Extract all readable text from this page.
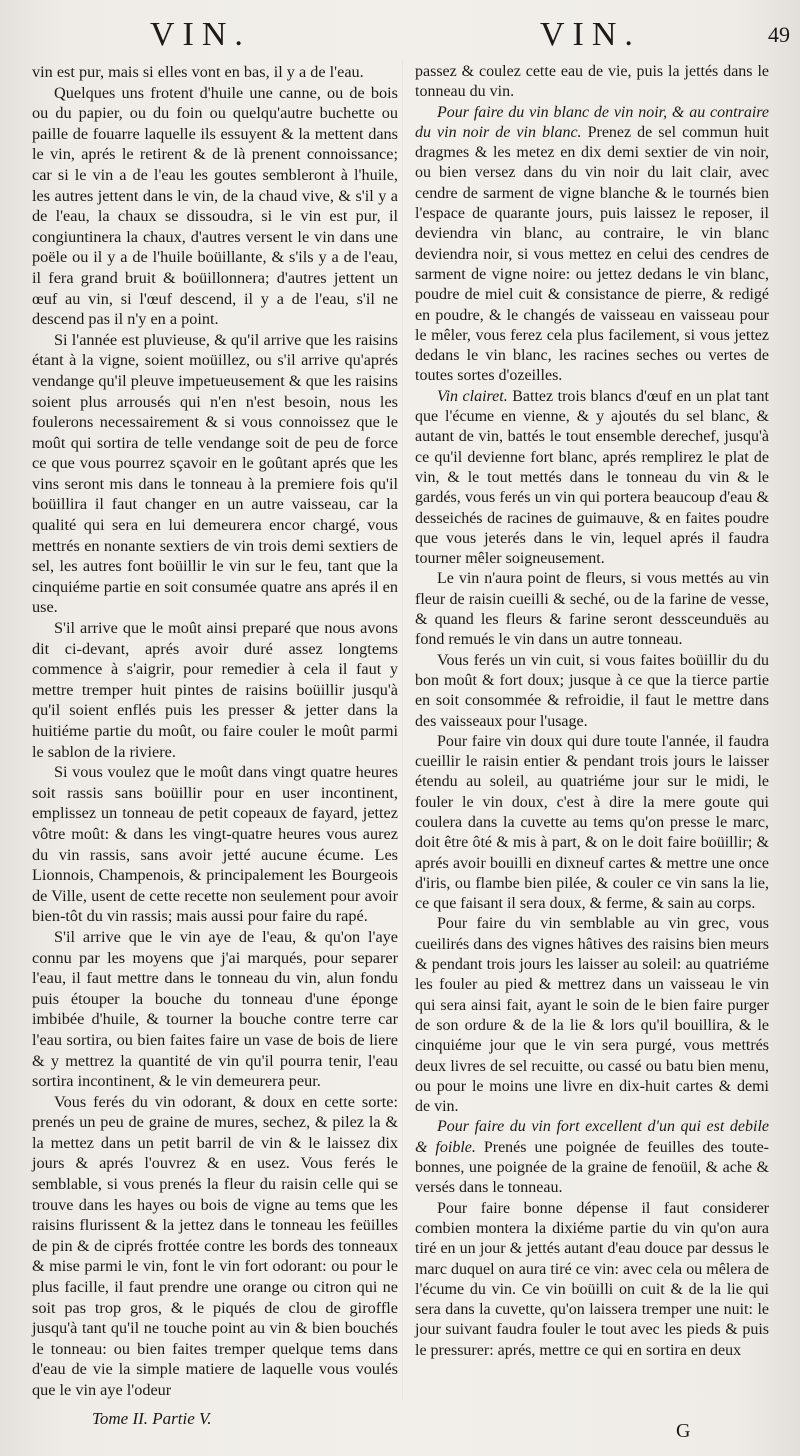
VIN.	VIN.	49

vin est pur, mais si elles vont en bas, il y a de l'eau.

Quelques uns frotent d'huile une canne, ou de bois ou du papier, ou du foin ou quelqu'autre buchette ou paille de fouarre laquelle ils essuyent & la mettent dans le vin, aprés le retirent & de là prenent connoissance; car si le vin a de l'eau les goutes sembleront à l'huile, les autres jettent dans le vin, de la chaud vive, & s'il y a de l'eau, la chaux se dissoudra, si le vin est pur, il congiuntinera la chaux, d'autres versent le vin dans une poële ou il y a de l'huile boüillante, & s'ils y a de l'eau, il fera grand bruit & boüillonnera; d'autres jettent un œuf au vin, si l'œuf descend, il y a de l'eau, s'il ne descend pas il n'y en a point.

Si l'année est pluvieuse, & qu'il arrive que les raisins étant à la vigne, soient moüillez, ou s'il arrive qu'aprés vendange qu'il pleuve impetueusement & que les raisins soient plus arrousés qui n'en n'est besoin, nous les foulerons necessairement & si vous connoissez que le moût qui sortira de telle vendange soit de peu de force ce que vous pourrez sçavoir en le goûtant aprés que les vins seront mis dans le tonneau à la premiere fois qu'il boüillira il faut changer en un autre vaisseau, car la qualité qui sera en lui demeurera encor chargé, vous mettrés en nonante sextiers de vin trois demi sextiers de sel, les autres font boüillir le vin sur le feu, tant que la cinquiéme partie en soit consumée quatre ans aprés il en use.

S'il arrive que le moût ainsi preparé que nous avons dit ci-devant, aprés avoir duré assez longtems commence à s'aigrir, pour remedier à cela il faut y mettre tremper huit pintes de raisins boüillir jusqu'à qu'il soient enflés puis les presser & jetter dans la huitiéme partie du moût, ou faire couler le moût parmi le sablon de la riviere.

Si vous voulez que le moût dans vingt quatre heures soit rassis sans boüillir pour en user incontinent, emplissez un tonneau de petit copeaux de fayard, jettez vôtre moût: & dans les vingt-quatre heures vous aurez du vin rassis, sans avoir jetté aucune écume. Les Lionnois, Champenois, & principalement les Bourgeois de Ville, usent de cette recette non seulement pour avoir bien-tôt du vin rassis; mais aussi pour faire du rapé.

S'il arrive que le vin aye de l'eau, & qu'on l'aye connu par les moyens que j'ai marqués, pour separer l'eau, il faut mettre dans le tonneau du vin, alun fondu puis étouper la bouche du tonneau d'une éponge imbibée d'huile, & tourner la bouche contre terre car l'eau sortira, ou bien faites faire un vase de bois de liere & y mettrez la quantité de vin qu'il pourra tenir, l'eau sortira incontinent, & le vin demeurera peur.

Vous ferés du vin odorant, & doux en cette sorte: prenés un peu de graine de mures, sechez, & pilez la & la mettez dans un petit barril de vin & le laissez dix jours & aprés l'ouvrez & en usez. Vous ferés le semblable, si vous prenés la fleur du raisin celle qui se trouve dans les hayes ou bois de vigne au tems que les raisins flurissent & la jettez dans le tonneau les feüilles de pin & de ciprés frottée contre les bords des tonneaux & mise parmi le vin, font le vin fort odorant: ou pour le plus facille, il faut prendre une orange ou citron qui ne soit pas trop gros, & le piqués de clou de giroffle jusqu'à tant qu'il ne touche point au vin & bien bouchés le tonneau: ou bien faites tremper quelque tems dans d'eau de vie la simple matiere de laquelle vous voulés que le vin aye l'odeur

passez & coulez cette eau de vie, puis la jettés dans le tonneau du vin.

Pour faire du vin blanc de vin noir, & au contraire du vin noir de vin blanc. Prenez de sel commun huit dragmes & les metez en dix demi sextier de vin noir, ou bien versez dans du vin noir du lait clair, avec cendre de sarment de vigne blanche & le tournés bien l'espace de quarante jours, puis laissez le reposer, il deviendra vin blanc, au contraire, le vin blanc deviendra noir, si vous mettez en celui des cendres de sarment de vigne noire: ou jettez dedans le vin blanc, poudre de miel cuit & consistance de pierre, & redigé en poudre, & le changés de vaisseau en vaisseau pour le mêler, vous ferez cela plus facilement, si vous jettez dedans le vin blanc, les racines seches ou vertes de toutes sortes d'ozeilles.

Vin clairet. Battez trois blancs d'œuf en un plat tant que l'écume en vienne, & y ajoutés du sel blanc, & autant de vin, battés le tout ensemble derechef, jusqu'à ce qu'il devienne fort blanc, aprés remplirez le plat de vin, & le tout mettés dans le tonneau du vin & le gardés, vous ferés un vin qui portera beaucoup d'eau & desseichés de racines de guimauve, & en faites poudre que vous jeterés dans le vin, lequel aprés il faudra tourner mêler soigneusement.

Le vin n'aura point de fleurs, si vous mettés au vin fleur de raisin cueilli & seché, ou de la farine de vesse, & quand les fleurs & farine seront dessceunduës au fond remués le vin dans un autre tonneau.

Vous ferés un vin cuit, si vous faites boüillir du du bon moût & fort doux; jusque à ce que la tierce partie en soit consommée & refroidie, il faut le mettre dans des vaisseaux pour l'usage.

Pour faire vin doux qui dure toute l'année, il faudra cueillir le raisin entier & pendant trois jours le laisser étendu au soleil, au quatriéme jour sur le midi, le fouler le vin doux, c'est à dire la mere goute qui coulera dans la cuvette au tems qu'on presse le marc, doit être ôté & mis à part, & on le doit faire boüillir; & aprés avoir bouilli en dixneuf cartes & mettre une once d'iris, ou flambe bien pilée, & couler ce vin sans la lie, ce que faisant il sera doux, & ferme, & sain au corps.

Pour faire du vin semblable au vin grec, vous cueilirés dans des vignes hâtives des raisins bien meurs & pendant trois jours les laisser au soleil: au quatriéme les fouler au pied & mettrez dans un vaisseau le vin qui sera ainsi fait, ayant le soin de le bien faire purger de son ordure & de la lie & lors qu'il bouillira, & le cinquiéme jour que le vin sera purgé, vous mettrés deux livres de sel recuitte, ou cassé ou batu bien menu, ou pour le moins une livre en dix-huit cartes & demi de vin.

Pour faire du vin fort excellent d'un qui est debile & foible. Prenés une poignée de feuilles des toute-bonnes, une poignée de la graine de fenoüil, & ache & versés dans le tonneau.

Pour faire bonne dépense il faut considerer combien montera la dixiéme partie du vin qu'on aura tiré en un jour & jettés autant d'eau douce par dessus le marc duquel on aura tiré ce vin: avec cela ou mêlera de l'écume du vin. Ce vin boüilli on cuit & de la lie qui sera dans la cuvette, qu'on laissera tremper une nuit: le jour suivant faudra fouler le tout avec les pieds & puis le pressurer: aprés, mettre ce qui en sortira en deux

Tome II. Partie V.
G
